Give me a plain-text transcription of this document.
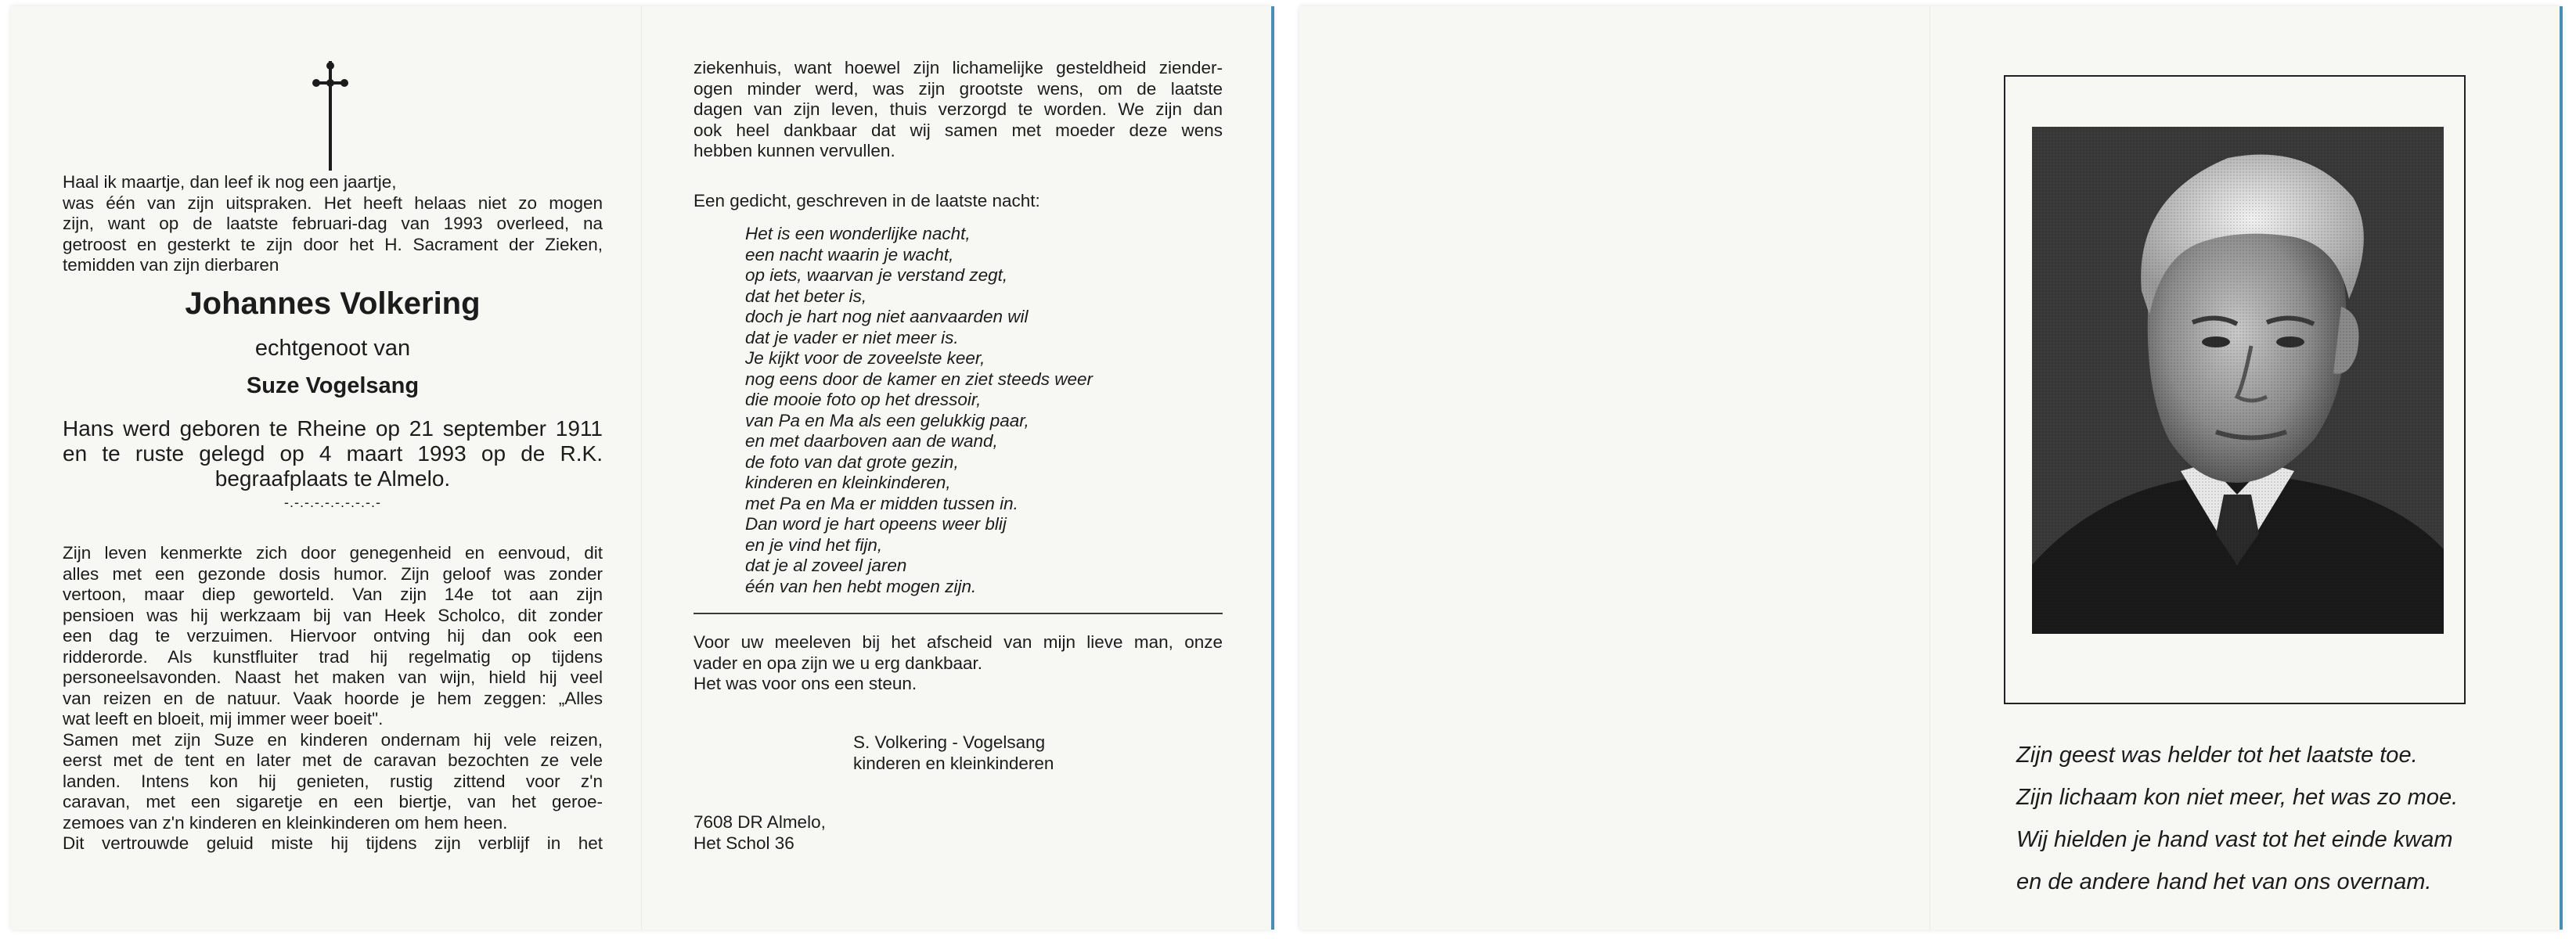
Haal ik maartje, dan leef ik nog een jaartje,
was één van zijn uitspraken. Het heeft helaas niet zo mogen
zijn, want op de laatste februari-dag van 1993 overleed, na
getroost en gesterkt te zijn door het H. Sacrament der Zieken,
temidden van zijn dierbaren
Johannes Volkering
echtgenoot van
Suze Vogelsang
Hans werd geboren te Rheine op 21 september 1911
en te ruste gelegd op 4 maart 1993 op de R.K.
begraafplaats te Almelo.
-.-.-.-.-.-.-.-.-.-
Zijn leven kenmerkte zich door genegenheid en eenvoud, dit
alles met een gezonde dosis humor. Zijn geloof was zonder
vertoon, maar diep geworteld. Van zijn 14e tot aan zijn
pensioen was hij werkzaam bij van Heek Scholco, dit zonder
een dag te verzuimen. Hiervoor ontving hij dan ook een
ridderorde. Als kunstfluiter trad hij regelmatig op tijdens
personeelsavonden. Naast het maken van wijn, hield hij veel
van reizen en de natuur. Vaak hoorde je hem zeggen: „Alles
wat leeft en bloeit, mij immer weer boeit".
Samen met zijn Suze en kinderen ondernam hij vele reizen,
eerst met de tent en later met de caravan bezochten ze vele
landen. Intens kon hij genieten, rustig zittend voor z'n
caravan, met een sigaretje en een biertje, van het geroe-
zemoes van z'n kinderen en kleinkinderen om hem heen.
Dit vertrouwde geluid miste hij tijdens zijn verblijf in het
ziekenhuis, want hoewel zijn lichamelijke gesteldheid ziender-
ogen minder werd, was zijn grootste wens, om de laatste
dagen van zijn leven, thuis verzorgd te worden. We zijn dan
ook heel dankbaar dat wij samen met moeder deze wens
hebben kunnen vervullen.
Een gedicht, geschreven in de laatste nacht:
Het is een wonderlijke nacht,
een nacht waarin je wacht,
op iets, waarvan je verstand zegt,
dat het beter is,
doch je hart nog niet aanvaarden wil
dat je vader er niet meer is.
Je kijkt voor de zoveelste keer,
nog eens door de kamer en ziet steeds weer
die mooie foto op het dressoir,
van Pa en Ma als een gelukkig paar,
en met daarboven aan de wand,
de foto van dat grote gezin,
kinderen en kleinkinderen,
met Pa en Ma er midden tussen in.
Dan word je hart opeens weer blij
en je vind het fijn,
dat je al zoveel jaren
één van hen hebt mogen zijn.
Voor uw meeleven bij het afscheid van mijn lieve man, onze
vader en opa zijn we u erg dankbaar.
Het was voor ons een steun.
S. Volkering - Vogelsang
kinderen en kleinkinderen
7608 DR Almelo,
Het Schol 36
Zijn geest was helder tot het laatste toe.
Zijn lichaam kon niet meer, het was zo moe.
Wij hielden je hand vast tot het einde kwam
en de andere hand het van ons overnam.
